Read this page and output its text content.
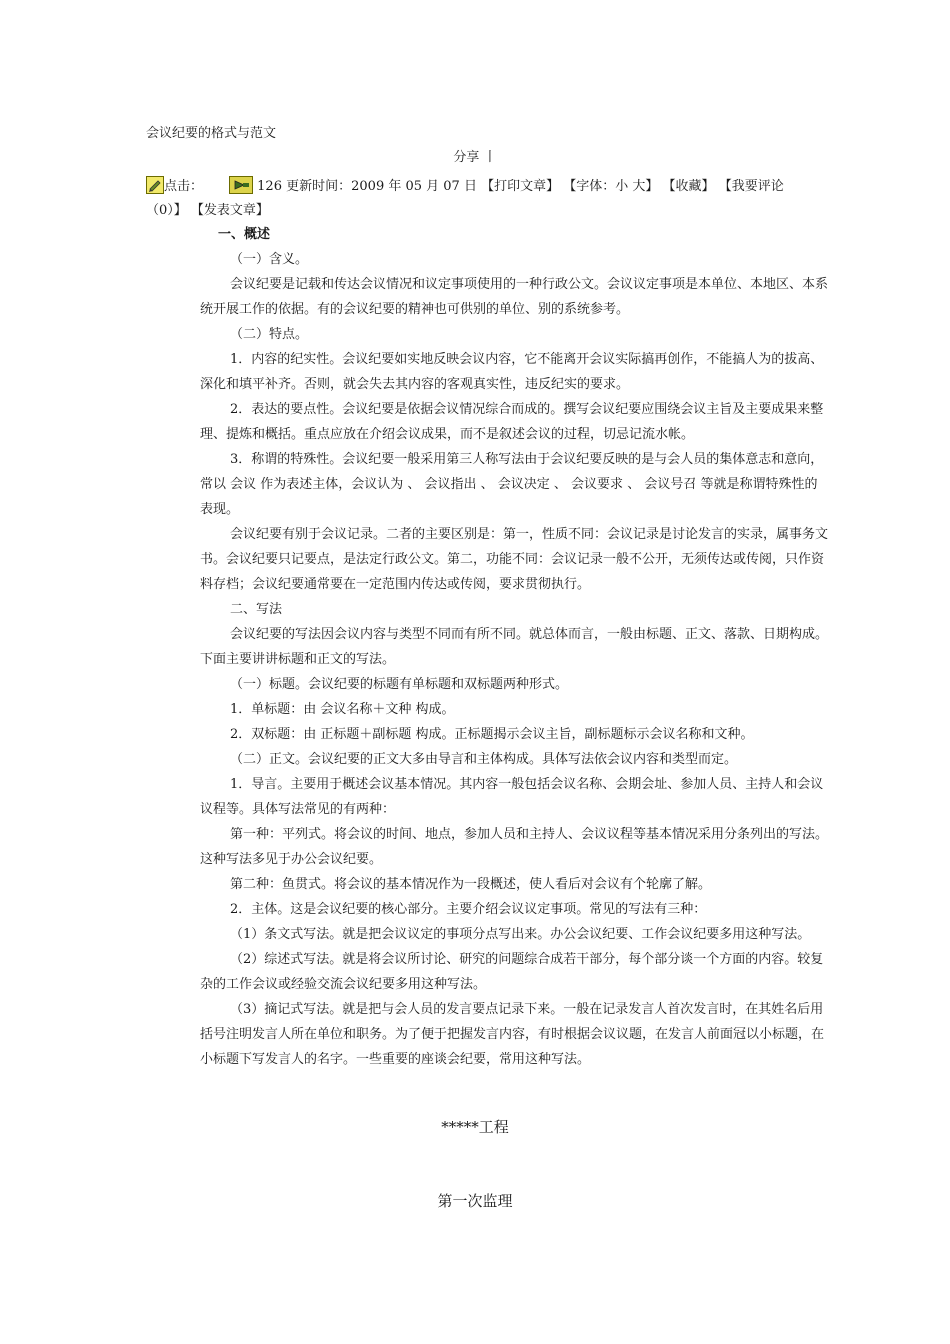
会议纪要的格式与范文
分享 丨
点击：	126 更新时间：2009 年 05 月 07 日 【打印文章】 【字体：小 大】 【收藏】 【我要评论（0）】 【发表文章】

一、概述

（一）含义。

会议纪要是记载和传达会议情况和议定事项使用的一种行政公文。会议议定事项是本单位、本地区、本系统开展工作的依据。有的会议纪要的精神也可供别的单位、别的系统参考。

（二）特点。

1．内容的纪实性。会议纪要如实地反映会议内容，它不能离开会议实际搞再创作，不能搞人为的拔高、深化和填平补齐。否则，就会失去其内容的客观真实性，违反纪实的要求。

2．表达的要点性。会议纪要是依据会议情况综合而成的。撰写会议纪要应围绕会议主旨及主要成果来整理、提炼和概括。重点应放在介绍会议成果，而不是叙述会议的过程，切忌记流水帐。

3．称谓的特殊性。会议纪要一般采用第三人称写法由于会议纪要反映的是与会人员的集体意志和意向，常以 会议 作为表述主体，会议认为 、 会议指出 、 会议决定 、 会议要求 、 会议号召 等就是称谓特殊性的表现。

会议纪要有别于会议记录。二者的主要区别是：第一，性质不同：会议记录是讨论发言的实录，属事务文书。会议纪要只记要点，是法定行政公文。第二，功能不同：会议记录一般不公开，无须传达或传阅，只作资料存档；会议纪要通常要在一定范围内传达或传阅，要求贯彻执行。

二、写法

会议纪要的写法因会议内容与类型不同而有所不同。就总体而言，一般由标题、正文、落款、日期构成。下面主要讲讲标题和正文的写法。

（一）标题。会议纪要的标题有单标题和双标题两种形式。

1．单标题：由 会议名称＋文种 构成。

2．双标题：由 正标题＋副标题 构成。正标题揭示会议主旨，副标题标示会议名称和文种。

（二）正文。会议纪要的正文大多由导言和主体构成。具体写法依会议内容和类型而定。

1．导言。主要用于概述会议基本情况。其内容一般包括会议名称、会期会址、参加人员、主持人和会议议程等。具体写法常见的有两种：

第一种：平列式。将会议的时间、地点，参加人员和主持人、会议议程等基本情况采用分条列出的写法。这种写法多见于办公会议纪要。

第二种：鱼贯式。将会议的基本情况作为一段概述，使人看后对会议有个轮廓了解。

2．主体。这是会议纪要的核心部分。主要介绍会议议定事项。常见的写法有三种：

（1）条文式写法。就是把会议议定的事项分点写出来。办公会议纪要、工作会议纪要多用这种写法。

（2）综述式写法。就是将会议所讨论、研究的问题综合成若干部分，每个部分谈一个方面的内容。较复杂的工作会议或经验交流会议纪要多用这种写法。

（3）摘记式写法。就是把与会人员的发言要点记录下来。一般在记录发言人首次发言时，在其姓名后用括号注明发言人所在单位和职务。为了便于把握发言内容，有时根据会议议题，在发言人前面冠以小标题，在小标题下写发言人的名字。一些重要的座谈会纪要，常用这种写法。

*****工程
第一次监理
